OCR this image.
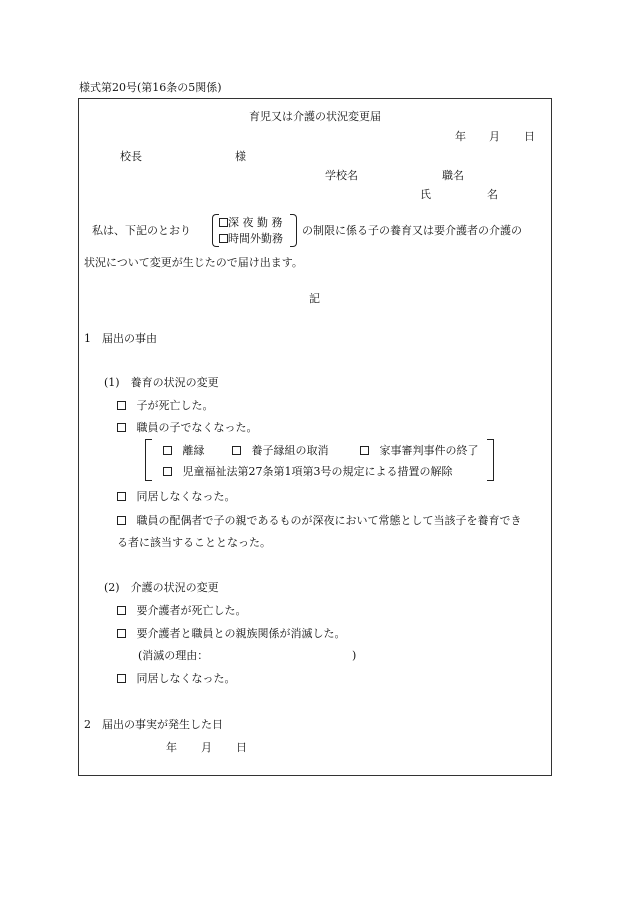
様式第20号(第16条の5関係)
育児又は介護の状況変更届
年 月 日
校長	様
学校名	職名
氏	名
私は、下記のとおり
深 夜 勤 務
時間外勤務
の制限に係る子の養育又は要介護者の介護の
状況について変更が生じたので届け出ます。
記
1　届出の事由
(1)　養育の状況の変更
子が死亡した。
職員の子でなくなった。
離縁	養子縁組の取消	家事審判事件の終了
児童福祉法第27条第1項第3号の規定による措置の解除
同居しなくなった。
職員の配偶者で子の親であるものが深夜において常態として当該子を養育でき
る者に該当することとなった。
(2)　介護の状況の変更
要介護者が死亡した。
要介護者と職員との親族関係が消滅した。
(消滅の理由：	)
同居しなくなった。
2　届出の事実が発生した日
年 月 日
